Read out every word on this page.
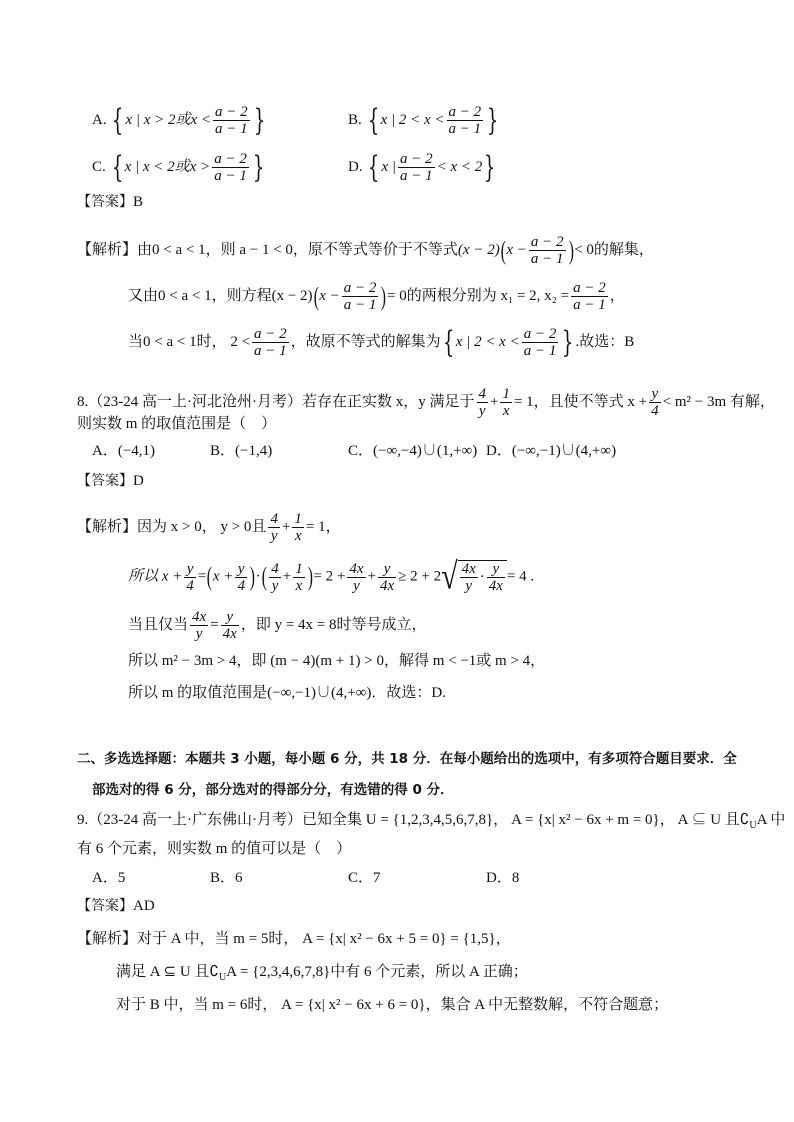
A. { x | x > 2或$x < \frac{a - 2}{a - 1}$ }	B. { x | $2 < x < \frac{a - 2}{a - 1}$ }
C. { x | x < 2或$x > \frac{a - 2}{a - 1}$ }	D. { x | $\frac{a - 2}{a - 1} < x < 2$}
【答案】B
【解析】由0 < a < 1，则 a − 1 < 0，原不等式等价于不等式$(x - 2)(x - \frac{a - 2}{a - 1}$ )< 0的解集，
又由0 < a < 1，则方程$(x - 2)(x - \frac{a - 2}{a - 1}$ )= 0的两根分别为 x₁ = 2, $x_2 = \frac{a - 2}{a - 1}$ ，
当0 < a < 1时， $2 < \frac{a - 2}{a - 1}$ ，故原不等式的解集为{ x | $2 < x < \frac{a - 2}{a - 1}$ } .故选：B
8.（23-24 高一上·河北沧州·月考）若存在正实数 x，y 满足于 $\frac{4}{y} + \frac{1}{x} = 1$，且使不等式 $x + \frac{y}{4} < m^2 - 3m$ 有解，
则实数 m 的取值范围是（　）
A．(−4,1)	B．(−1,4)	C．(−∞,−4)∪(1,+∞) D．(−∞,−1)∪(4,+∞)
【答案】D
【解析】因为 x > 0， y > 0且 $\frac{4}{y} + \frac{1}{x} = 1$，
所以 $x + \frac{y}{4} =(x + \frac{y}{4}$ )·( $\frac{4}{y} + \frac{1}{x}$ )= $2 + \frac{4x}{y} + \frac{y}{4x} \ge 2 + 2√ \frac{4x}{y} \cdot \frac{y}{4x} = 4$ .
当且仅当 $\frac{4x}{y} = \frac{y}{4x}$ ，即 y = 4x = 8时等号成立，
所以 m² − 3m > 4，即 (m − 4)(m + 1) > 0，解得 m < −1或 m > 4，
所以 m 的取值范围是(−∞,−1)∪(4,+∞)．故选：D.
二、多选选择题：本题共 3 小题，每小题 6 分，共 18 分．在每小题给出的选项中，有多项符合题目要求．全
部选对的得 6 分，部分选对的得部分分，有选错的得 0 分．
9.（23-24 高一上·广东佛山·月考）已知全集 U = {1,2,3,4,5,6,7,8}， A = {x| x² − 6x + m = 0}， A ⊆ U 且$∁_UA$ 中
有 6 个元素，则实数 m 的值可以是（　）
A．5	B．6	C．7	D．8
【答案】AD
【解析】对于 A 中，当 m = 5时， A = {x| x² − 6x + 5 = 0} = {1,5}，
满足 A ⊆ U 且$∁_UA = \{2,3,4,6,7,8\}$中有 6 个元素，所以 A 正确；
对于 B 中，当 m = 6时， A = {x| x² − 6x + 6 = 0}，集合 A 中无整数解，不符合题意；
